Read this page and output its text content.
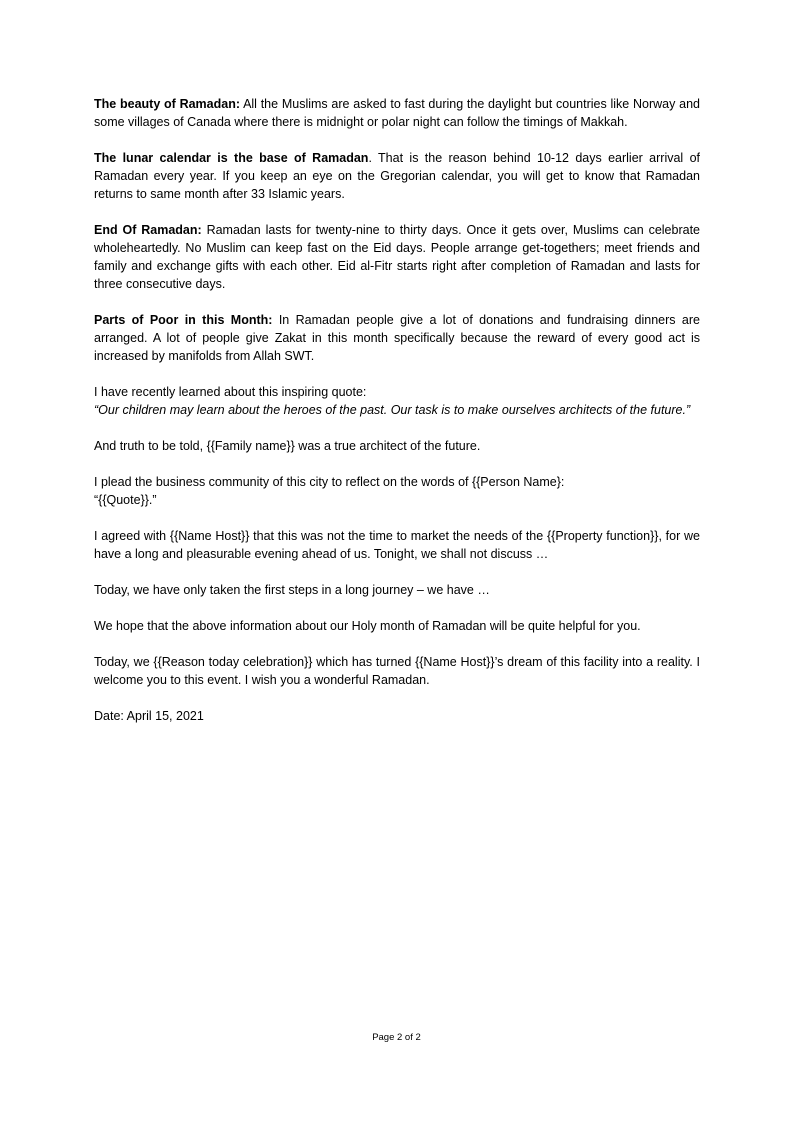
The beauty of Ramadan: All the Muslims are asked to fast during the daylight but countries like Norway and some villages of Canada where there is midnight or polar night can follow the timings of Makkah.

The lunar calendar is the base of Ramadan. That is the reason behind 10-12 days earlier arrival of Ramadan every year. If you keep an eye on the Gregorian calendar, you will get to know that Ramadan returns to same month after 33 Islamic years.

End Of Ramadan: Ramadan lasts for twenty-nine to thirty days. Once it gets over, Muslims can celebrate wholeheartedly. No Muslim can keep fast on the Eid days. People arrange get-togethers; meet friends and family and exchange gifts with each other. Eid al-Fitr starts right after completion of Ramadan and lasts for three consecutive days.

Parts of Poor in this Month: In Ramadan people give a lot of donations and fundraising dinners are arranged. A lot of people give Zakat in this month specifically because the reward of every good act is increased by manifolds from Allah SWT.

I have recently learned about this inspiring quote:

“Our children may learn about the heroes of the past. Our task is to make ourselves architects of the future.”

And truth to be told, {{Family name}} was a true architect of the future.

I plead the business community of this city to reflect on the words of {{Person Name}:

“{{Quote}}.”

I agreed with {{Name Host}} that this was not the time to market the needs of the {{Property function}}, for we have a long and pleasurable evening ahead of us. Tonight, we shall not discuss …

Today, we have only taken the first steps in a long journey – we have …

We hope that the above information about our Holy month of Ramadan will be quite helpful for you.

Today, we {{Reason today celebration}} which has turned {{Name Host}}’s dream of this facility into a reality. I welcome you to this event. I wish you a wonderful Ramadan.

Date: April 15, 2021

Page 2 of 2
